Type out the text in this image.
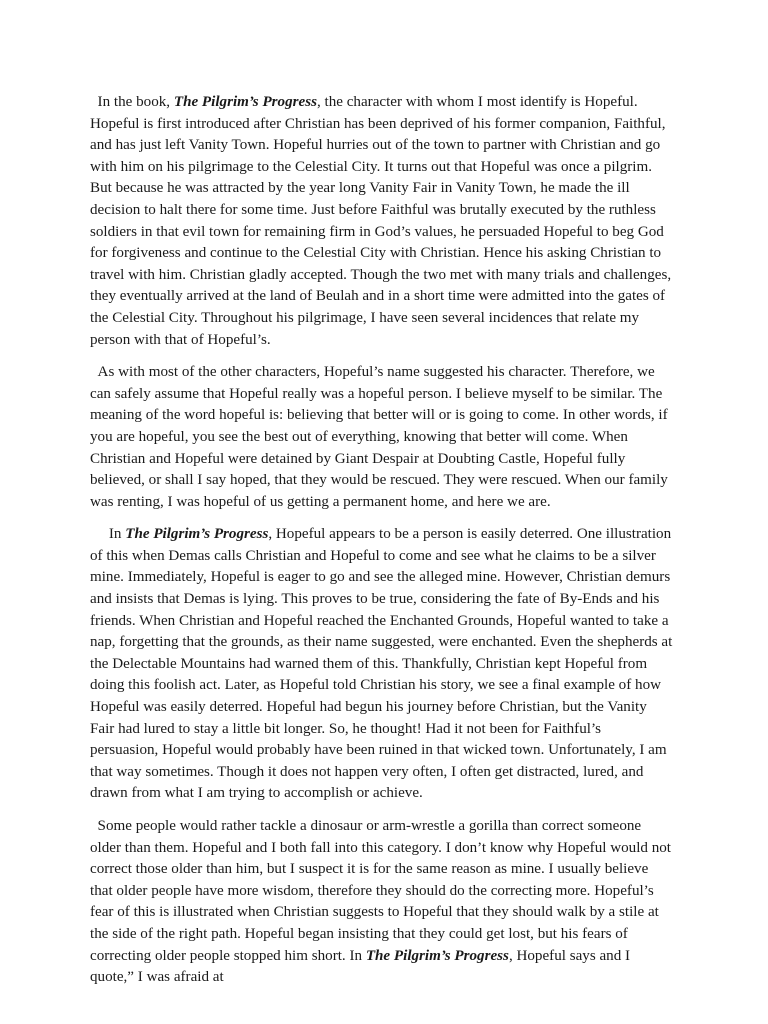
In the book, The Pilgrim’s Progress, the character with whom I most identify is Hopeful. Hopeful is first introduced after Christian has been deprived of his former companion, Faithful, and has just left Vanity Town. Hopeful hurries out of the town to partner with Christian and go with him on his pilgrimage to the Celestial City. It turns out that Hopeful was once a pilgrim. But because he was attracted by the year long Vanity Fair in Vanity Town, he made the ill decision to halt there for some time. Just before Faithful was brutally executed by the ruthless soldiers in that evil town for remaining firm in God’s values, he persuaded Hopeful to beg God for forgiveness and continue to the Celestial City with Christian. Hence his asking Christian to travel with him. Christian gladly accepted. Though the two met with many trials and challenges, they eventually arrived at the land of Beulah and in a short time were admitted into the gates of the Celestial City. Throughout his pilgrimage, I have seen several incidences that relate my person with that of Hopeful’s.

As with most of the other characters, Hopeful’s name suggested his character. Therefore, we can safely assume that Hopeful really was a hopeful person. I believe myself to be similar. The meaning of the word hopeful is: believing that better will or is going to come. In other words, if you are hopeful, you see the best out of everything, knowing that better will come. When Christian and Hopeful were detained by Giant Despair at Doubting Castle, Hopeful fully believed, or shall I say hoped, that they would be rescued. They were rescued. When our family was renting, I was hopeful of us getting a permanent home, and here we are.

In The Pilgrim’s Progress, Hopeful appears to be a person is easily deterred. One illustration of this when Demas calls Christian and Hopeful to come and see what he claims to be a silver mine. Immediately, Hopeful is eager to go and see the alleged mine. However, Christian demurs and insists that Demas is lying. This proves to be true, considering the fate of By-Ends and his friends. When Christian and Hopeful reached the Enchanted Grounds, Hopeful wanted to take a nap, forgetting that the grounds, as their name suggested, were enchanted. Even the shepherds at the Delectable Mountains had warned them of this. Thankfully, Christian kept Hopeful from doing this foolish act. Later, as Hopeful told Christian his story, we see a final example of how Hopeful was easily deterred. Hopeful had begun his journey before Christian, but the Vanity Fair had lured to stay a little bit longer. So, he thought! Had it not been for Faithful’s persuasion, Hopeful would probably have been ruined in that wicked town. Unfortunately, I am that way sometimes. Though it does not happen very often, I often get distracted, lured, and drawn from what I am trying to accomplish or achieve.

Some people would rather tackle a dinosaur or arm-wrestle a gorilla than correct someone older than them. Hopeful and I both fall into this category. I don’t know why Hopeful would not correct those older than him, but I suspect it is for the same reason as mine. I usually believe that older people have more wisdom, therefore they should do the correcting more. Hopeful’s fear of this is illustrated when Christian suggests to Hopeful that they should walk by a stile at the side of the right path. Hopeful began insisting that they could get lost, but his fears of correcting older people stopped him short. In The Pilgrim’s Progress, Hopeful says and I quote,” I was afraid at
